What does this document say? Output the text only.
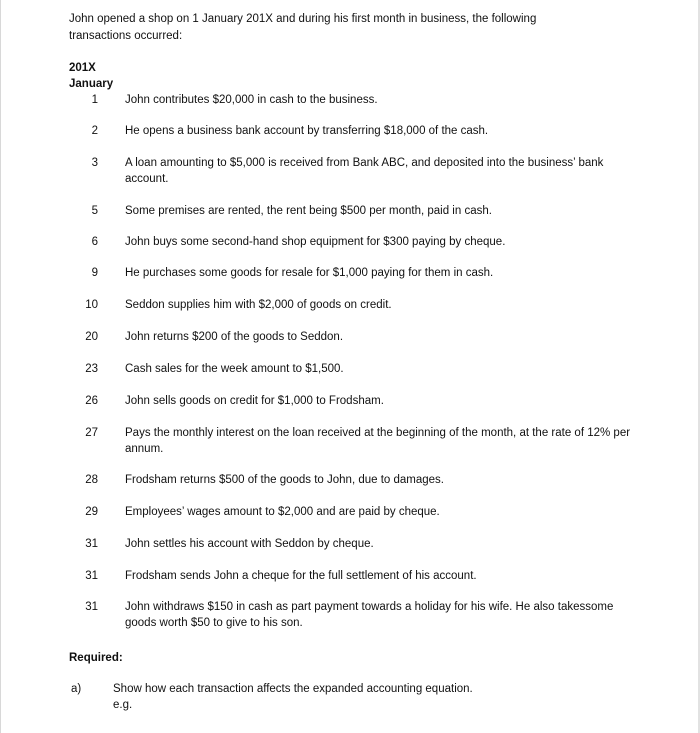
John opened a shop on 1 January 201X and during his first month in business, the following transactions occurred:
201X
January
1 John contributes $20,000 in cash to the business.
2 He opens a business bank account by transferring $18,000 of the cash.
3 A loan amounting to $5,000 is received from Bank ABC, and deposited into the business’ bank account.
5 Some premises are rented, the rent being $500 per month, paid in cash.
6 John buys some second-hand shop equipment for $300 paying by cheque.
9 He purchases some goods for resale for $1,000 paying for them in cash.
10 Seddon supplies him with $2,000 of goods on credit.
20 John returns $200 of the goods to Seddon.
23 Cash sales for the week amount to $1,500.
26 John sells goods on credit for $1,000 to Frodsham.
27 Pays the monthly interest on the loan received at the beginning of the month, at the rate of 12% per annum.
28 Frodsham returns $500 of the goods to John, due to damages.
29 Employees’ wages amount to $2,000 and are paid by cheque.
31 John settles his account with Seddon by cheque.
31 Frodsham sends John a cheque for the full settlement of his account.
31 John withdraws $150 in cash as part payment towards a holiday for his wife. He also takessome goods worth $50 to give to his son.
Required:
a)	Show how each transaction affects the expanded accounting equation.
e.g.
